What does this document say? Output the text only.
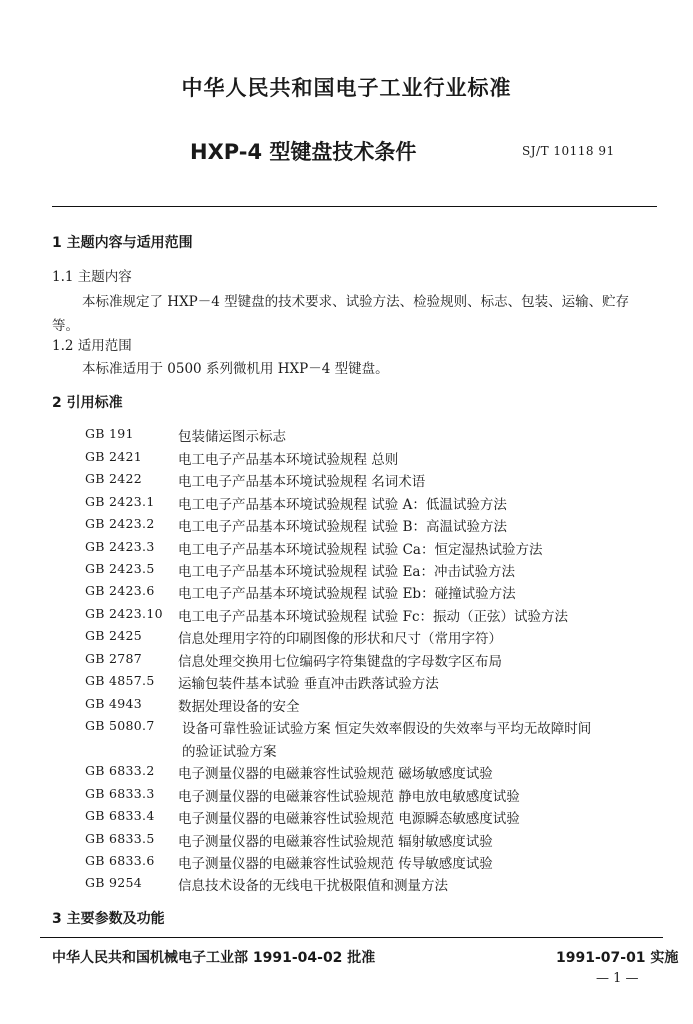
中华人民共和国电子工业行业标准
HXP-4 型键盘技术条件	SJ/T 10118 91
1 主题内容与适用范围
1.1 主题内容
本标准规定了 HXP－4 型键盘的技术要求、试验方法、检验规则、标志、包装、运输、贮存
等。
1.2 适用范围
本标准适用于 0500 系列微机用 HXP－4 型键盘。
2 引用标准
GB 191	包装储运图示标志
GB 2421	电工电子产品基本环境试验规程 总则
GB 2422	电工电子产品基本环境试验规程 名词术语
GB 2423.1 电工电子产品基本环境试验规程 试验 A：低温试验方法
GB 2423.2 电工电子产品基本环境试验规程 试验 B：高温试验方法
GB 2423.3 电工电子产品基本环境试验规程 试验 Ca：恒定湿热试验方法
GB 2423.5 电工电子产品基本环境试验规程 试验 Ea：冲击试验方法
GB 2423.6 电工电子产品基本环境试验规程 试验 Eb：碰撞试验方法
GB 2423.10 电工电子产品基本环境试验规程 试验 Fc：振动（正弦）试验方法
GB 2425	信息处理用字符的印刷图像的形状和尺寸（常用字符）
GB 2787	信息处理交换用七位编码字符集键盘的字母数字区布局
GB 4857.5 运输包装件基本试验 垂直冲击跌落试验方法
GB 4943	数据处理设备的安全
GB 5080.7 设备可靠性验证试验方案 恒定失效率假设的失效率与平均无故障时间
的验证试验方案
GB 6833.2 电子测量仪器的电磁兼容性试验规范 磁场敏感度试验
GB 6833.3 电子测量仪器的电磁兼容性试验规范 静电放电敏感度试验
GB 6833.4 电子测量仪器的电磁兼容性试验规范 电源瞬态敏感度试验
GB 6833.5 电子测量仪器的电磁兼容性试验规范 辐射敏感度试验
GB 6833.6 电子测量仪器的电磁兼容性试验规范 传导敏感度试验
GB 9254	信息技术设备的无线电干扰极限值和测量方法
3 主要参数及功能
中华人民共和国机械电子工业部 1991-04-02 批准	1991-07-01 实施
— 1 —
